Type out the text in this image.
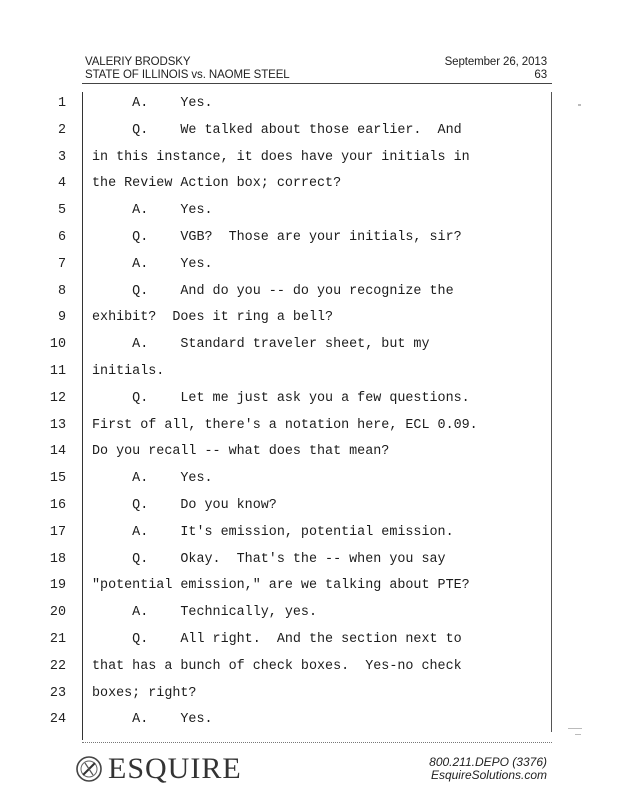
VALERIY BRODSKY
STATE OF ILLINOIS vs. NAOME STEEL
September 26, 2013
63
1 A.    Yes.
2 Q.    We talked about those earlier.  And
3 in this instance, it does have your initials in
4 the Review Action box; correct?
5 A.    Yes.
6 Q.    VGB?  Those are your initials, sir?
7 A.    Yes.
8 Q.    And do you -- do you recognize the
9 exhibit?  Does it ring a bell?
10 A.    Standard traveler sheet, but my
11 initials.
12 Q.    Let me just ask you a few questions.
13 First of all, there's a notation here, ECL 0.09.
14 Do you recall -- what does that mean?
15 A.    Yes.
16 Q.    Do you know?
17 A.    It's emission, potential emission.
18 Q.    Okay.  That's the -- when you say
19 "potential emission," are we talking about PTE?
20 A.    Technically, yes.
21 Q.    All right.  And the section next to
22 that has a bunch of check boxes.  Yes-no check
23 boxes; right?
24 A.    Yes.
ESQUIRE	800.211.DEPO (3376)
EsquireSolutions.com
